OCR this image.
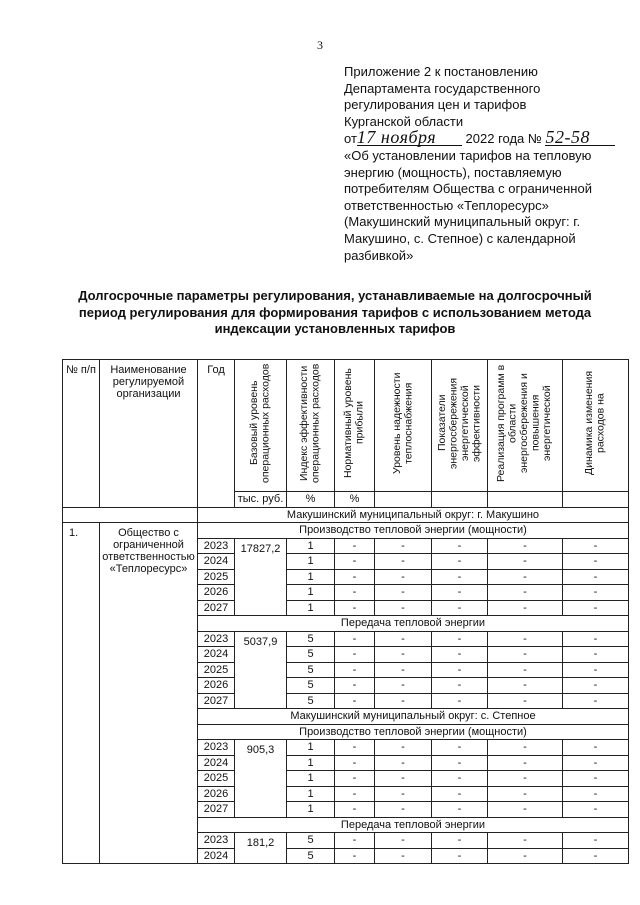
3

Приложение 2 к постановлению

Департамента государственного

регулирования цен и тарифов

Курганской области

от17 ноября 2022 года № 52-58

«Об установлении тарифов на тепловую энергию (мощность), поставляемую потребителям Общества с ограниченной ответственностью «Теплоресурс» (Макушинский муниципальный округ: г. Макушино, с. Степное) с календарной разбивкой»

Долгосрочные параметры регулирования, устанавливаемые на долгосрочный период регулирования для формирования тарифов с использованием метода индексации установленных тарифов
№ п/п	Наименование регулируемой организации	Год	Базовый уровень операционных расходов	Индекс эффективности операционных расходов	Нормативный уровень прибыли	Уровень надежности теплоснабжения	Показатели энергосбережения энергетической эффективности	Реализация программ в области энергосбережения и повышения энергетической	Динамика изменения расходов на
			тыс. руб.	%	%				
		Макушинский муниципальный округ: г. Макушино							
1.	Общество с ограниченной ответственностью «Теплоресурс»	Производство тепловой энергии (мощности)							
		2023	17827,2	1	-	-	-	-	-
		2024		1	-	-	-	-	-
		2025		1	-	-	-	-	-
		2026		1	-	-	-	-	-
		2027		1	-	-	-	-	-
		Передача тепловой энергии							
		2023	5037,9	5	-	-	-	-	-
		2024		5	-	-	-	-	-
		2025		5	-	-	-	-	-
		2026		5	-	-	-	-	-
		2027		5	-	-	-	-	-
		Макушинский муниципальный округ: с. Степное							
		Производство тепловой энергии (мощности)							
		2023	905,3	1	-	-	-	-	-
		2024		1	-	-	-	-	-
		2025		1	-	-	-	-	-
		2026		1	-	-	-	-	-
		2027		1	-	-	-	-	-
		Передача тепловой энергии							
		2023	181,2	5	-	-	-	-	-
		2024		5	-	-	-	-	-
